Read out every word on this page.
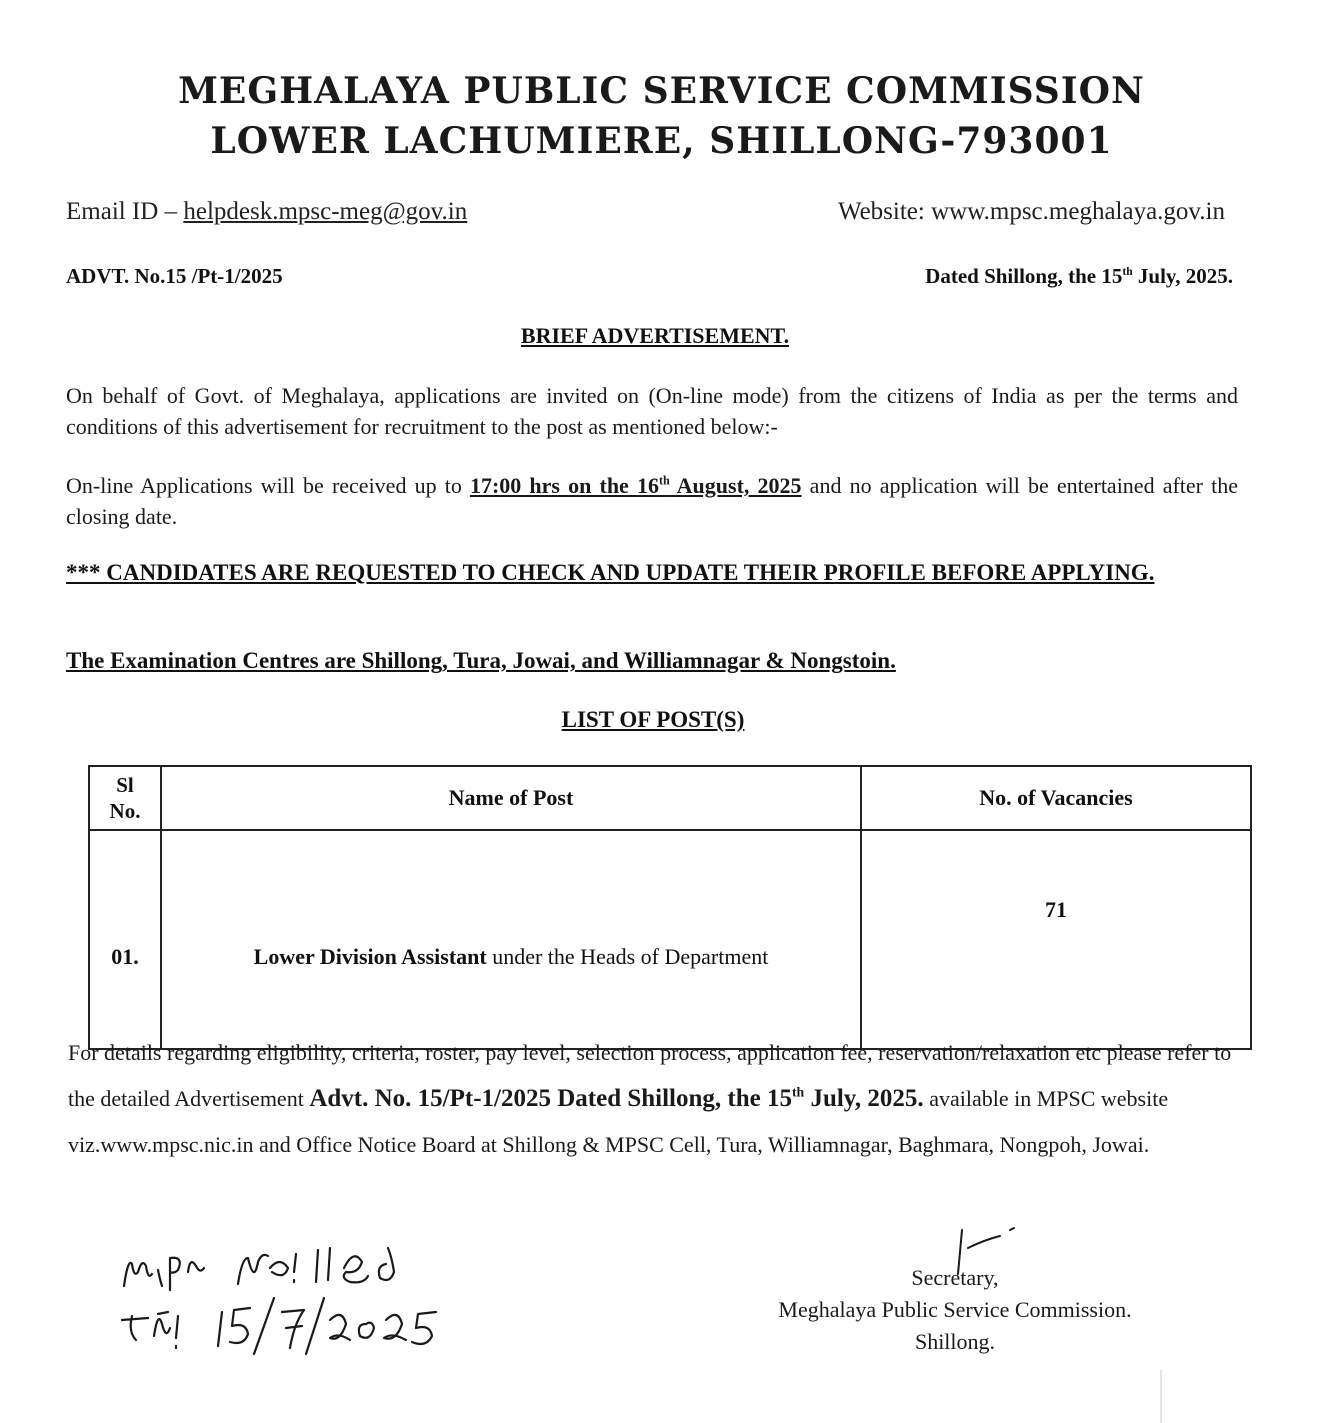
MEGHALAYA PUBLIC SERVICE COMMISSION
LOWER LACHUMIERE, SHILLONG-793001
Email ID – helpdesk.mpsc-meg@gov.in	Website: www.mpsc.meghalaya.gov.in
ADVT. No.15 /Pt-1/2025	Dated Shillong, the 15th July, 2025.
BRIEF ADVERTISEMENT.
On behalf of Govt. of Meghalaya, applications are invited on (On-line mode) from the citizens of India as per the terms and conditions of this advertisement for recruitment to the post as mentioned below:-
On-line Applications will be received up to 17:00 hrs on the 16th August, 2025 and no application will be entertained after the closing date.
*** CANDIDATES ARE REQUESTED TO CHECK AND UPDATE THEIR PROFILE BEFORE APPLYING.
The Examination Centres are Shillong, Tura, Jowai, and Williamnagar & Nongstoin.
LIST OF POST(S)
Sl
No.	Name of Post	No. of Vacancies
01.	Lower Division Assistant under the Heads of Department	71
For details regarding eligibility, criteria, roster, pay level, selection process, application fee, reservation/relaxation etc please refer to the detailed Advertisement Advt. No. 15/Pt-1/2025 Dated Shillong, the 15th July, 2025. available in MPSC website viz.www.mpsc.nic.in and Office Notice Board at Shillong & MPSC Cell, Tura, Williamnagar, Baghmara, Nongpoh, Jowai.
Secretary,
Meghalaya Public Service Commission.
Shillong.
